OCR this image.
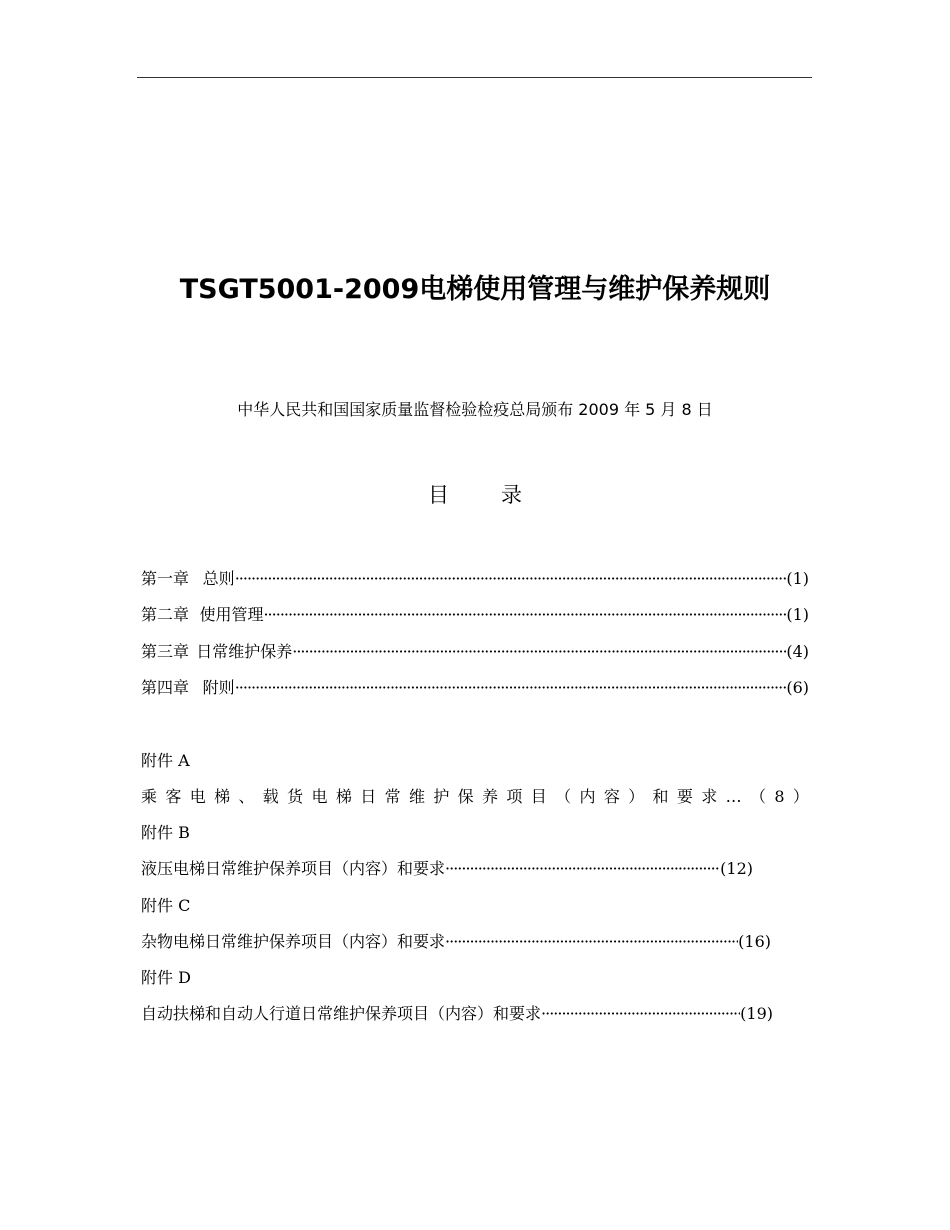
TSGT5001-2009电梯使用管理与维护保养规则
中华人民共和国国家质量监督检验检疫总局颁布 2009 年 5 月 8 日
目 录
第一章 总则 ·····	(1)
第二章 使用管理 ·····	(1)
第三章 日常维护保养 ·····	(4)
第四章 附则 ·····	(6)
附件 A
乘 客 电 梯 、 载 货 电 梯 日 常 维 护 保 养 项 目 （ 内 容 ） 和 要 求 … （ 8 ）
附件 B
液压电梯日常维护保养项目（内容）和要求 ·····	(12)
附件 C
杂物电梯日常维护保养项目（内容）和要求 ·····	(16)
附件 D
自动扶梯和自动人行道日常维护保养项目（内容）和要求 ·····	(19)
